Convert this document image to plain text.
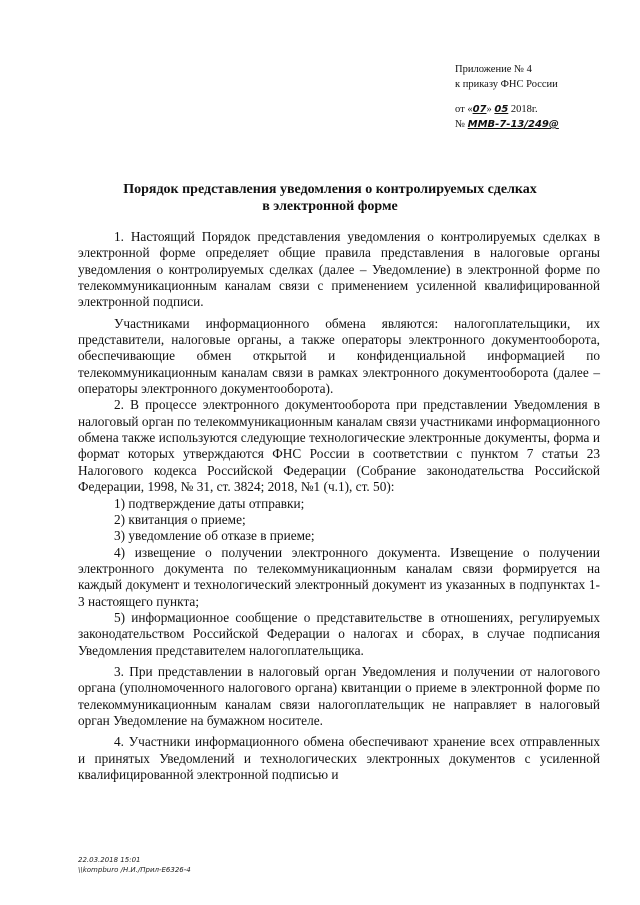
Приложение № 4
к приказу ФНС России
от «07» 05 2018г.
№ ММВ-7-13/249@
Порядок представления уведомления о контролируемых сделках
в электронной форме

1. Настоящий Порядок представления уведомления о контролируемых сделках в электронной форме определяет общие правила представления в налоговые органы уведомления о контролируемых сделках (далее – Уведомление) в электронной форме по телекоммуникационным каналам связи с применением усиленной квалифицированной электронной подписи.

Участниками информационного обмена являются: налогоплательщики, их представители, налоговые органы, а также операторы электронного документооборота, обеспечивающие обмен открытой и конфиденциальной информацией по телекоммуникационным каналам связи в рамках электронного документооборота (далее – операторы электронного документооборота).

2. В процессе электронного документооборота при представлении Уведомления в налоговый орган по телекоммуникационным каналам связи участниками информационного обмена также используются следующие технологические электронные документы, форма и формат которых утверждаются ФНС России в соответствии с пунктом 7 статьи 23 Налогового кодекса Российской Федерации (Собрание законодательства Российской Федерации, 1998, № 31, ст. 3824; 2018, №1 (ч.1), ст. 50):

1) подтверждение даты отправки;

2) квитанция о приеме;

3) уведомление об отказе в приеме;

4) извещение о получении электронного документа. Извещение о получении электронного документа по телекоммуникационным каналам связи формируется на каждый документ и технологический электронный документ из указанных в подпунктах 1-3 настоящего пункта;

5) информационное сообщение о представительстве в отношениях, регулируемых законодательством Российской Федерации о налогах и сборах, в случае подписания Уведомления представителем налогоплательщика.

3. При представлении в налоговый орган Уведомления и получении от налогового органа (уполномоченного налогового органа) квитанции о приеме в электронной форме по телекоммуникационным каналам связи налогоплательщик не направляет в налоговый орган Уведомление на бумажном носителе.

4. Участники информационного обмена обеспечивают хранение всех отправленных и принятых Уведомлений и технологических электронных документов с усиленной квалифицированной электронной подписью и

22.03.2018 15:01
\\kompburo /Н.И./Прил-Е6326-4
